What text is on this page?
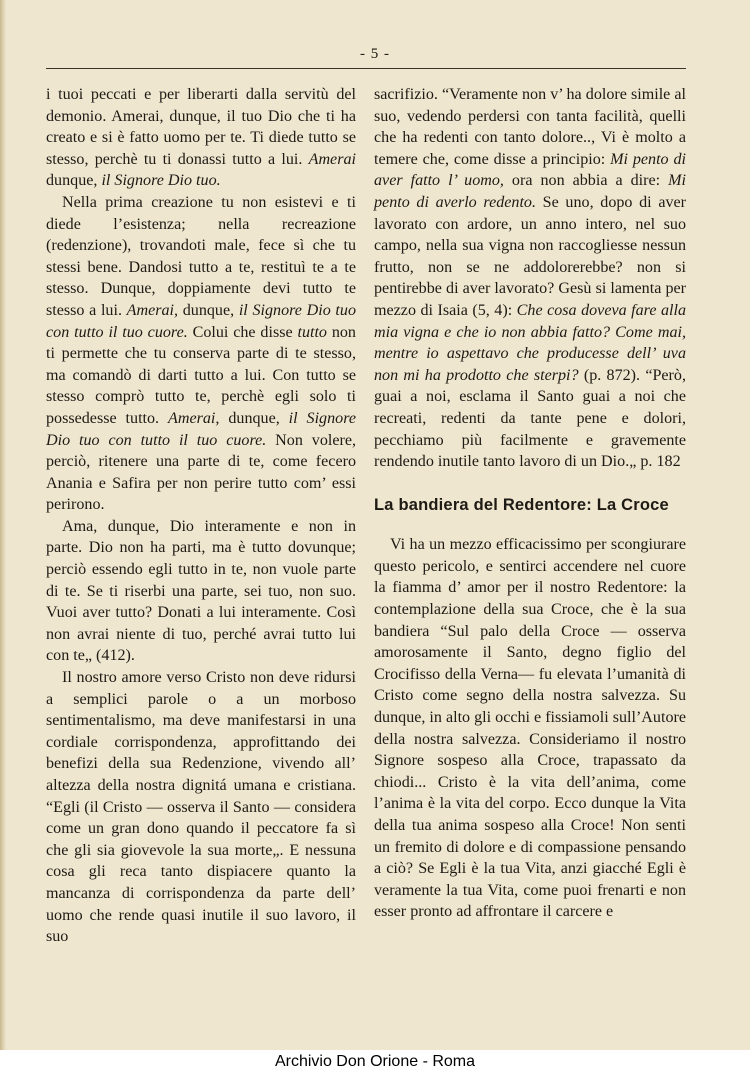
- 5 -

i tuoi peccati e per liberarti dalla servitù del demonio. Amerai, dunque, il tuo Dio che ti ha creato e si è fatto uomo per te. Ti diede tutto se stesso, perchè tu ti donassi tutto a lui. Amerai dunque, il Signore Dio tuo.

Nella prima creazione tu non esistevi e ti diede l’esistenza; nella recreazione (redenzione), trovandoti male, fece sì che tu stessi bene. Dandosi tutto a te, restituì te a te stesso. Dunque, doppiamente devi tutto te stesso a lui. Amerai, dunque, il Signore Dio tuo con tutto il tuo cuore. Colui che disse tutto non ti permette che tu conserva parte di te stesso, ma comandò di darti tutto a lui. Con tutto se stesso comprò tutto te, perchè egli solo ti possedesse tutto. Amerai, dunque, il Signore Dio tuo con tutto il tuo cuore. Non volere, perciò, ritenere una parte di te, come fecero Anania e Safira per non perire tutto com’ essi perirono.

Ama, dunque, Dio interamente e non in parte. Dio non ha parti, ma è tutto dovunque; perciò essendo egli tutto in te, non vuole parte di te. Se ti riserbi una parte, sei tuo, non suo. Vuoi aver tutto? Donati a lui interamente. Così non avrai niente di tuo, perché avrai tutto lui con te„ (412).

Il nostro amore verso Cristo non deve ridursi a semplici parole o a un morboso sentimentalismo, ma deve manifestarsi in una cordiale corrispondenza, approfittando dei benefizi della sua Redenzione, vivendo all’ altezza della nostra dignitá umana e cristiana. “Egli (il Cristo — osserva il Santo — considera come un gran dono quando il peccatore fa sì che gli sia giovevole la sua morte„. E nessuna cosa gli reca tanto dispiacere quanto la mancanza di corrispondenza da parte dell’ uomo che rende quasi inutile il suo lavoro, il suo

sacrifizio. “Veramente non v’ ha dolore simile al suo, vedendo perdersi con tanta facilità, quelli che ha redenti con tanto dolore.., Vi è molto a temere che, come disse a principio: Mi pento di aver fatto l’ uomo, ora non abbia a dire: Mi pento di averlo redento. Se uno, dopo di aver lavorato con ardore, un anno intero, nel suo campo, nella sua vigna non raccogliesse nessun frutto, non se ne addolorerebbe? non si pentirebbe di aver lavorato? Gesù si lamenta per mezzo di Isaia (5, 4): Che cosa doveva fare alla mia vigna e che io non abbia fatto? Come mai, mentre io aspettavo che producesse dell’ uva non mi ha prodotto che sterpi? (p. 872). “Però, guai a noi, esclama il Santo guai a noi che recreati, redenti da tante pene e dolori, pecchiamo più facilmente e gravemente rendendo inutile tanto lavoro di un Dio.„ p. 182

La bandiera del Redentore: La Croce

Vi ha un mezzo efficacissimo per scongiurare questo pericolo, e sentirci accendere nel cuore la fiamma d’ amor per il nostro Redentore: la contemplazione della sua Croce, che è la sua bandiera “Sul palo della Croce — osserva amorosamente il Santo, degno figlio del Crocifisso della Verna— fu elevata l’umanità di Cristo come segno della nostra salvezza. Su dunque, in alto gli occhi e fissiamoli sull’Autore della nostra salvezza. Consideriamo il nostro Signore sospeso alla Croce, trapassato da chiodi... Cristo è la vita dell’anima, come l’anima è la vita del corpo. Ecco dunque la Vita della tua anima sospeso alla Croce! Non senti un fremito di dolore e di compassione pensando a ciò? Se Egli è la tua Vita, anzi giacché Egli è veramente la tua Vita, come puoi frenarti e non esser pronto ad affrontare il carcere e

Archivio Don Orione - Roma
